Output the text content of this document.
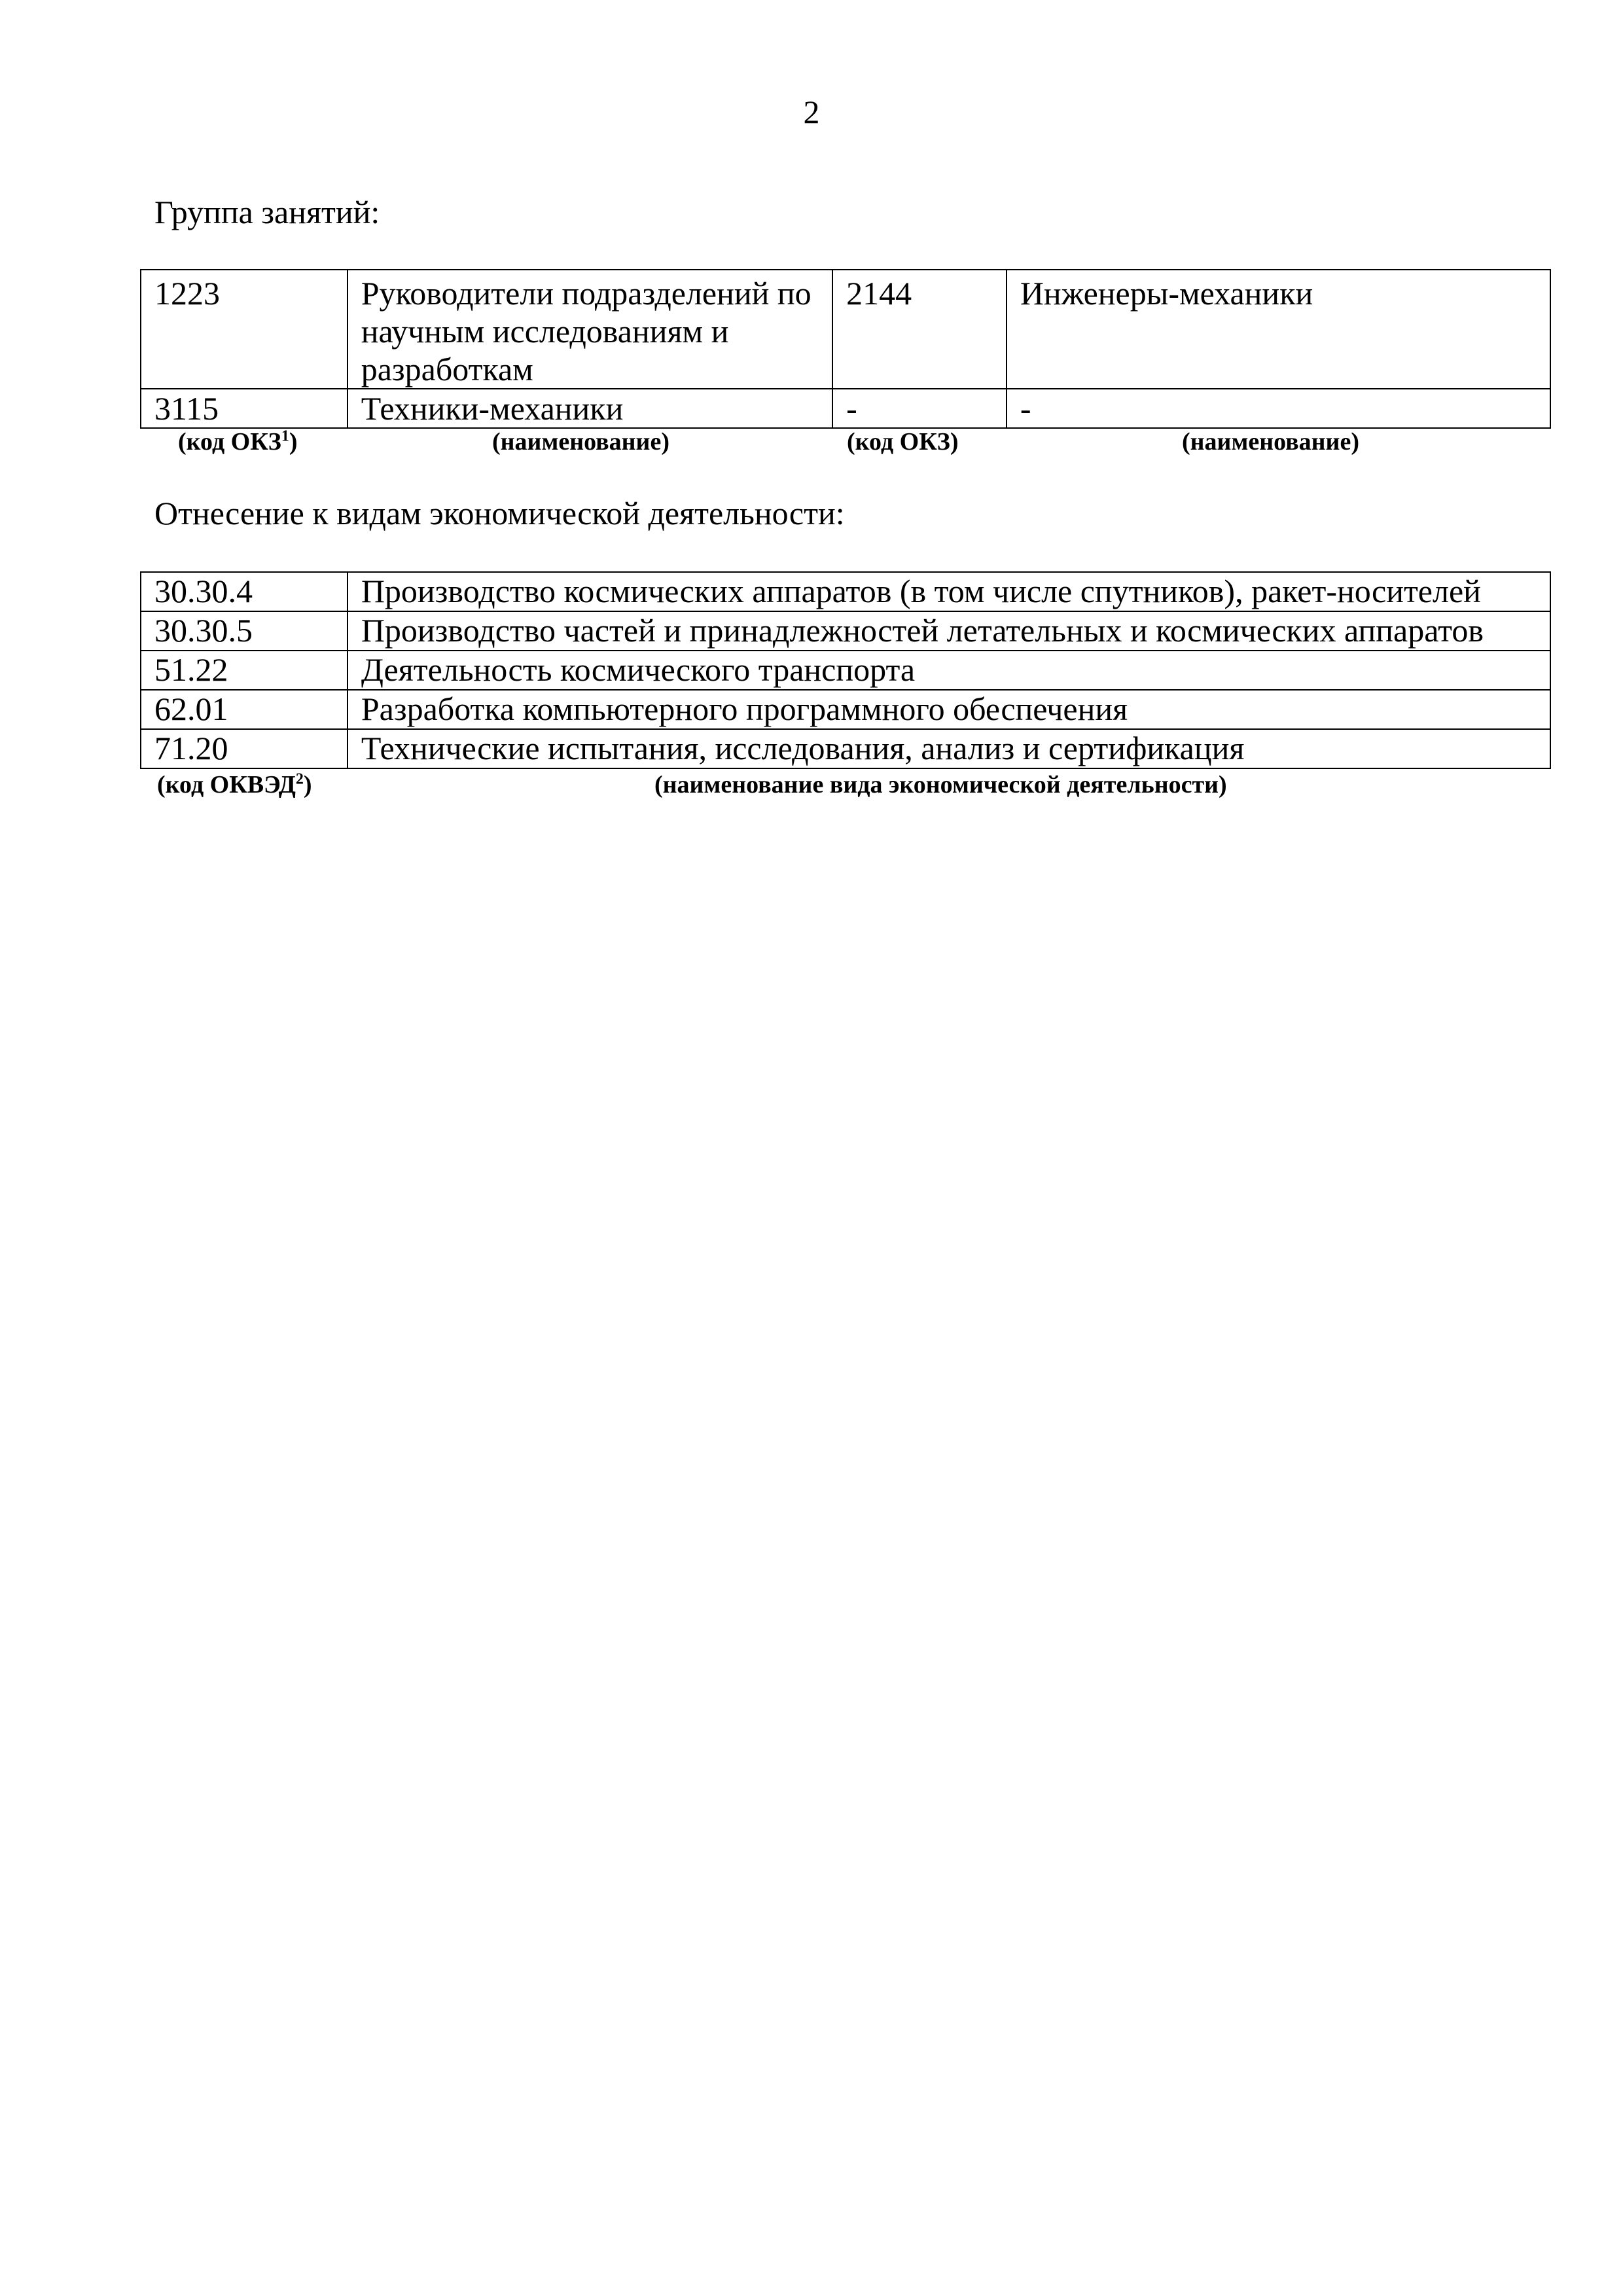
2
Группа занятий:
1223	Руководители подразделений по научным исследованиям и разработкам	2144	Инженеры-механики
3115	Техники-механики	-	-
(код ОКЗ$^1$)	(наименование)	(код ОКЗ)	(наименование)
Отнесение к видам экономической деятельности:
30.30.4	Производство космических аппаратов (в том числе спутников), ракет-носителей
30.30.5	Производство частей и принадлежностей летательных и космических аппаратов
51.22	Деятельность космического транспорта
62.01	Разработка компьютерного программного обеспечения
71.20	Технические испытания, исследования, анализ и сертификация
(код ОКВЭД$^2$)	(наименование вида экономической деятельности)
